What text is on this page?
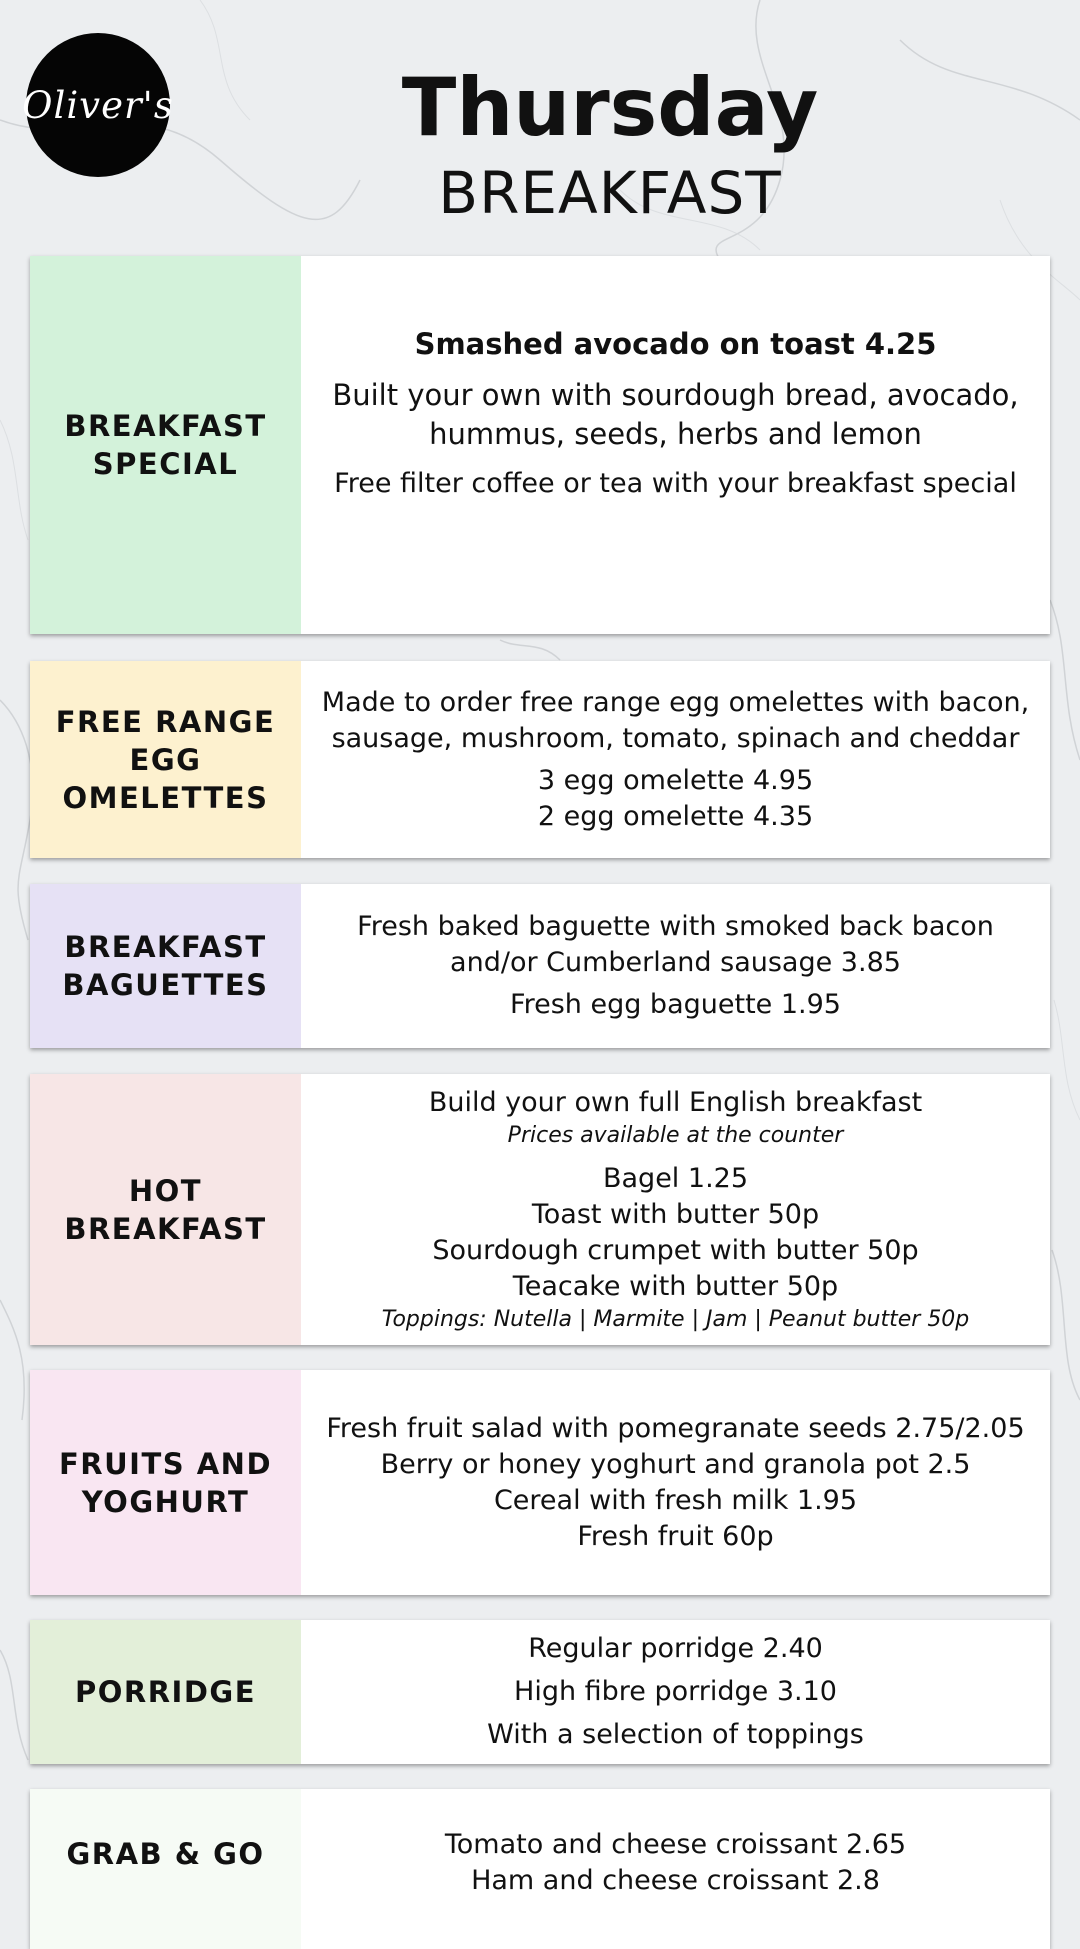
Oliver's	Thursday

BREAKFAST

BREAKFAST
SPECIAL

Smashed avocado on toast 4.25

Built your own with sourdough bread, avocado, hummus, seeds, herbs and lemon

Free filter coffee or tea with your breakfast special

FREE RANGE
EGG
OMELETTES

Made to order free range egg omelettes with bacon, sausage, mushroom, tomato, spinach and cheddar

3 egg omelette 4.95

2 egg omelette 4.35

BREAKFAST
BAGUETTES

Fresh baked baguette with smoked back bacon and/or Cumberland sausage 3.85

Fresh egg baguette 1.95

HOT
BREAKFAST

Build your own full English breakfast

Prices available at the counter

Bagel 1.25

Toast with butter 50p

Sourdough crumpet with butter 50p

Teacake with butter 50p

Toppings: Nutella | Marmite | Jam | Peanut butter 50p

FRUITS AND
YOGHURT

Fresh fruit salad with pomegranate seeds 2.75/2.05

Berry or honey yoghurt and granola pot 2.5

Cereal with fresh milk 1.95

Fresh fruit 60p

PORRIDGE

Regular porridge 2.40

High fibre porridge 3.10

With a selection of toppings

GRAB & GO	Tomato and cheese croissant 2.65

Ham and cheese croissant 2.8
